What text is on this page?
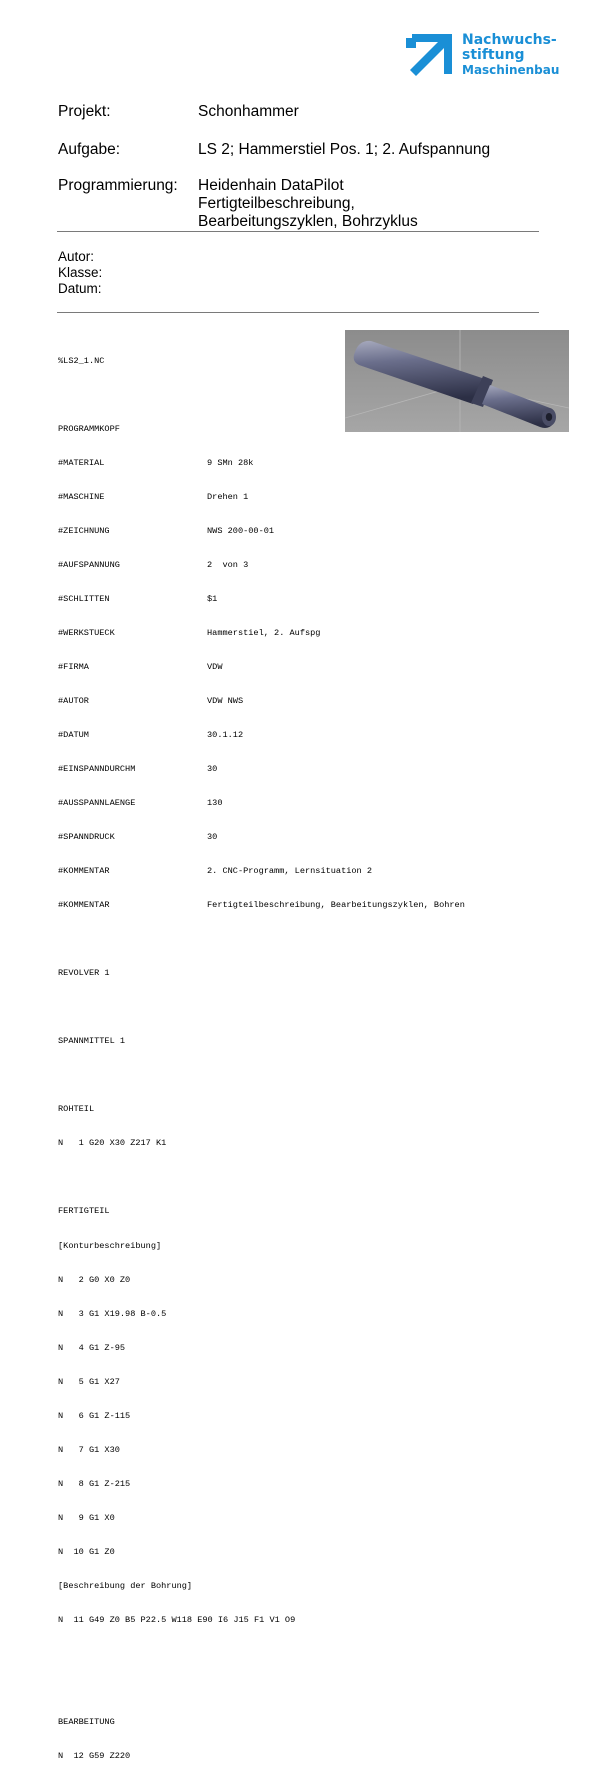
Nachwuchs-
stiftung
Maschinenbau
Projekt:	Schonhammer
Aufgabe:	LS 2; Hammerstiel Pos. 1; 2. Aufspannung
Programmierung: Heidenhain DataPilot
Fertigteilbeschreibung,
Bearbeitungszyklen, Bohrzyklus
Autor:
Klasse:
Datum:

%LS2_1.NC

PROGRAMMKOPF

#MATERIAL	9 SMn 28k

#MASCHINE	Drehen 1

#ZEICHNUNG	NWS 200-00-01

#AUFSPANNUNG	2  von 3

#SCHLITTEN	$1

#WERKSTUECK	Hammerstiel, 2. Aufspg

#FIRMA	VDW

#AUTOR	VDW NWS

#DATUM	30.1.12

#EINSPANNDURCHM	30

#AUSSPANNLAENGE	130

#SPANNDRUCK	30

#KOMMENTAR	2. CNC-Programm, Lernsituation 2

#KOMMENTAR	Fertigteilbeschreibung, Bearbeitungszyklen, Bohren

REVOLVER 1

SPANNMITTEL 1

ROHTEIL

N   1 G20 X30 Z217 K1

FERTIGTEIL

[Konturbeschreibung]

N   2 G0 X0 Z0

N   3 G1 X19.98 B-0.5

N   4 G1 Z-95

N   5 G1 X27

N   6 G1 Z-115

N   7 G1 X30

N   8 G1 Z-215

N   9 G1 X0

N  10 G1 Z0

[Beschreibung der Bohrung]

N  11 G49 Z0 B5 P22.5 W118 E90 I6 J15 F1 V1 O9

BEARBEITUNG

N  12 G59 Z220
